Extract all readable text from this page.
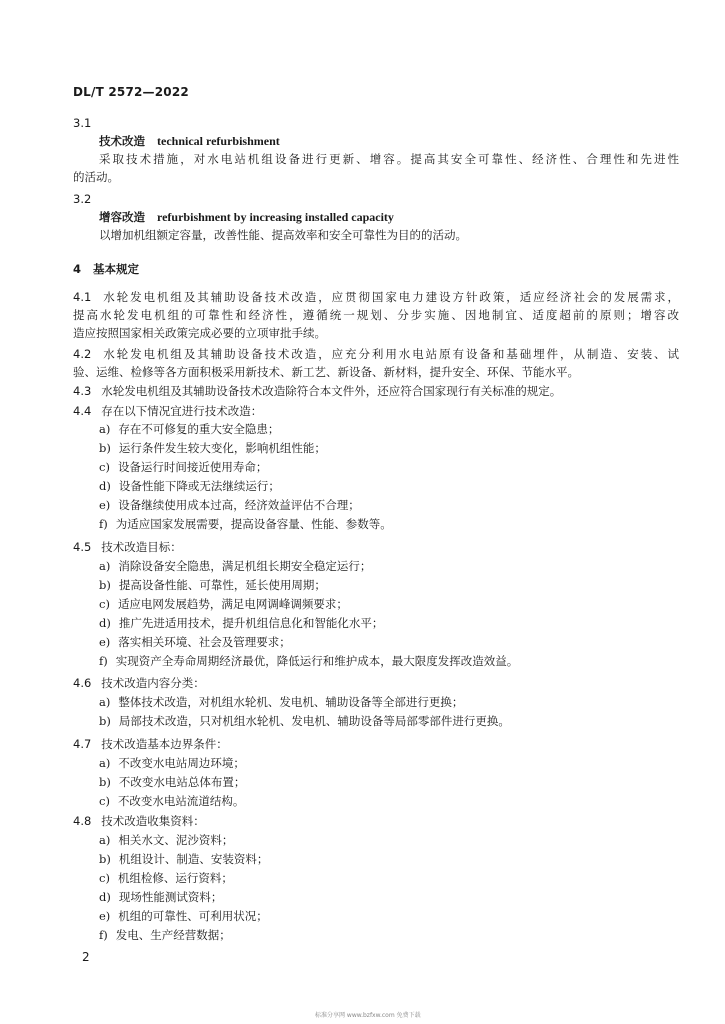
DL/T 2572—2022
3.1
技术改造 technical refurbishment
采取技术措施，对水电站机组设备进行更新、增容。提高其安全可靠性、经济性、合理性和先进性
的活动。
3.2
增容改造 refurbishment by increasing installed capacity
以增加机组额定容量，改善性能、提高效率和安全可靠性为目的的活动。
4 基本规定
4.1 水轮发电机组及其辅助设备技术改造，应贯彻国家电力建设方针政策，适应经济社会的发展需求，
提高水轮发电机组的可靠性和经济性，遵循统一规划、分步实施、因地制宜、适度超前的原则；增容改
造应按照国家相关政策完成必要的立项审批手续。
4.2 水轮发电机组及其辅助设备技术改造，应充分利用水电站原有设备和基础埋件，从制造、安装、试
验、运维、检修等各方面积极采用新技术、新工艺、新设备、新材料，提升安全、环保、节能水平。
4.3 水轮发电机组及其辅助设备技术改造除符合本文件外，还应符合国家现行有关标准的规定。
4.4 存在以下情况宜进行技术改造：
a) 存在不可修复的重大安全隐患；
b) 运行条件发生较大变化，影响机组性能；
c) 设备运行时间接近使用寿命；
d) 设备性能下降或无法继续运行；
e) 设备继续使用成本过高，经济效益评估不合理；
f) 为适应国家发展需要，提高设备容量、性能、参数等。
4.5 技术改造目标：
a) 消除设备安全隐患，满足机组长期安全稳定运行；
b) 提高设备性能、可靠性，延长使用周期；
c) 适应电网发展趋势，满足电网调峰调频要求；
d) 推广先进适用技术，提升机组信息化和智能化水平；
e) 落实相关环境、社会及管理要求；
f) 实现资产全寿命周期经济最优，降低运行和维护成本，最大限度发挥改造效益。
4.6 技术改造内容分类：
a) 整体技术改造，对机组水轮机、发电机、辅助设备等全部进行更换；
b) 局部技术改造，只对机组水轮机、发电机、辅助设备等局部零部件进行更换。
4.7 技术改造基本边界条件：
a) 不改变水电站周边环境；
b) 不改变水电站总体布置；
c) 不改变水电站流道结构。
4.8 技术改造收集资料：
a) 相关水文、泥沙资料；
b) 机组设计、制造、安装资料；
c) 机组检修、运行资料；
d) 现场性能测试资料；
e) 机组的可靠性、可利用状况；
f) 发电、生产经营数据；
2
标准分享网 www.bzfxw.com 免费下载
